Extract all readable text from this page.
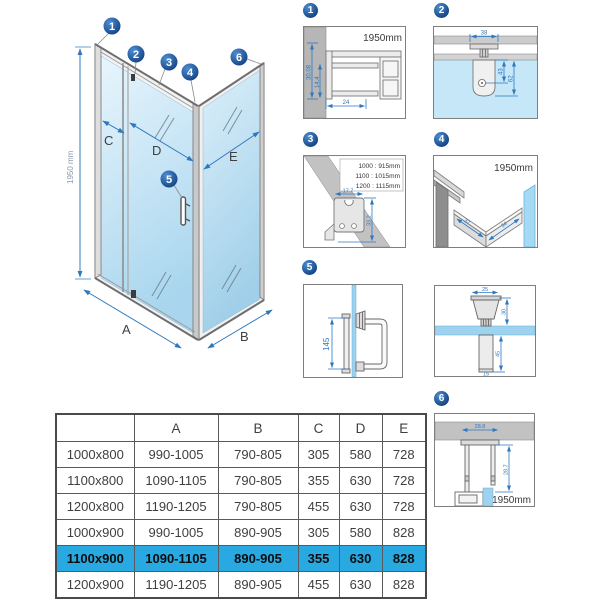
1950 mm
C
D	E
A	B
1
2
3
4
5
6
1	2
3	4
5
6
1950mm
30.08
14.4
24
38
43
62
1000 : 915mm
1100 : 1015mm
1200 : 1115mm
17.7
33.2
1950mm
37	34
145
25
30
45
15
28.8
28.7
1950mm
	A	B	C	D	E
1000x800	990-1005	790-805	305	580	728
1100x800	1090-1105	790-805	355	630	728
1200x800	1190-1205	790-805	455	630	728
1000x900	990-1005	890-905	305	580	828
1100x900	1090-1105	890-905	355	630	828
1200x900	1190-1205	890-905	455	630	828
